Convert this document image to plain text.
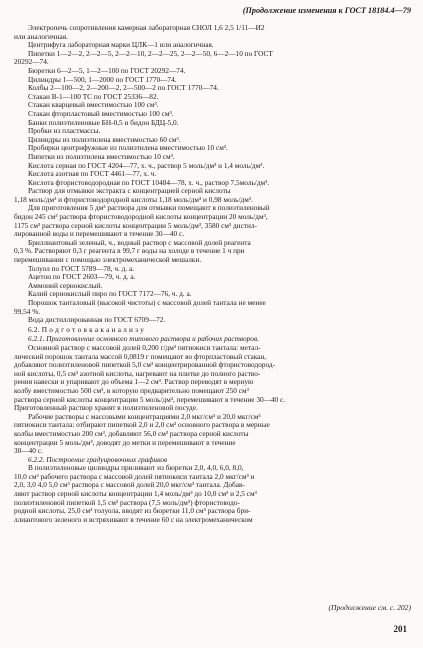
(Продолжение изменения к ГОСТ 18184.4—79
Электропечь сопротивления камерная лабораторная СНОЛ 1,6 2,5 1/11—И2
или аналогичная.
Центрифуга лабораторная марки ЦЛК—1 или аналогичная.
Пипетки 1—2—2, 2—2—5, 2—2—10, 2—2—25, 2—2—50, 6—2—10 по ГОСТ
20292—74.
Бюретки 6—2—5, 1—2—100 по ГОСТ 20292—74.
Цилиндры 1—500, 1—2000 по ГОСТ 1770—74.
Колбы 2—100—2, 2—200—2, 2—500—2 по ГОСТ 1770—74.
Стакан В-1—100 ТС по ГОСТ 25336—82.
Стакан кварцевый вместимостью 100 см³.
Стакан фторпластовый вместимостью 100 см³.
Банки полиэтиленовые БН-0,5 и бидон БДЦ-5,0.
Пробки из пластмассы.
Цилиндры из полиэтилена вместимостью 60 см³.
Пробирки центрифужные из полиэтилена вместимостью 10 см³.
Пипетки из полиэтилена вместимостью 10 см³.
Кислота серная по ГОСТ 4204—77, х. ч., раствор 5 моль/дм³ и 1,4 моль/дм³.
Кислота азотная по ГОСТ 4461—77, х. ч.
Кислота фтористоводородная по ГОСТ 10484—78, х. ч., раствор 7,5моль/дм³.
Раствор для отмывки экстракта с концентрацией серной кислоты
1,18 моль/дм³ и фтористоводородной кислоты 1,18 моль/дм³ и 0,98 моль/дм³.
Для приготовления 5 дм³ раствора для отмывки помещают в полиэтиленовый
бидон 245 см³ раствора фтористоводородной кислоты концентрации 20 моль/дм³,
1175 см³ раствора серной кислоты концентрации 5 моль/дм³, 3580 см³ дистил-
лированной воды и перемешивают в течение 30—40 с.
Бриллиантовый зеленый, ч., водный раствор с массовой долей реагента
0,3 %. Растворяют 0,3 г реагента в 99,7 г воды на холоде в течение 1 ч при
перемешивании с помощью электромеханической мешалки.
Толуол по ГОСТ 5789—78, ч. д. а.
Ацетон по ГОСТ 2603—79, ч. д. а.
Аммоний сернокислый.
Калий сернокислый пиро по ГОСТ 7172—76, ч. д. а.
Порошок танталовый (высокой чистоты) с массовой долей тантала не менее
99,54 %.
Вода дистиллированная по ГОСТ 6709—72.
6.2. П о д г о т о в к а к а н а л и з у
6.2.1. Приготовление основного типового раствора и рабочих растворов.
Основной раствор с массовой долей 0,200 г/дм³ пятиокиси тантала: метал-
лический порошок тантала массой 0,0819 г помещают во фторпластовый стакан,
добавляют полиэтиленовой пипеткой 5,0 см³ концентрированной фтористоводород-
ной кислоты, 0,5 см³ азотной кислоты, нагревают на плитке до полного раство-
рения навески и упаривают до объема 1—2 см³. Раствор переводят в мерную
колбу вместимостью 500 см³, в которую предварительно помещают 250 см³
раствора серной кислоты концентрации 5 моль/дм³, перемешивают в течение 30—40 с.
Приготовленный раствор хранят в полиэтиленовой посуде.
Рабочие растворы с массовыми концентрациями 2,0 мкг/см³ и 20,0 мкг/см³
пятиокиси тантала: отбирают пипеткой 2,0 и 2,0 см³ основного раствора в мерные
колбы вместимостью 200 см³, добавляют 56,0 см³ раствора серной кислоты
концентрации 5 моль/дм³, доводят до метки и перемешивают в течение
30—40 с.
6.2.2. Построение градуировочных графиков
В полиэтиленовые цилиндры приливают из бюретки 2,0, 4,0, 6,0, 8,0,
10,0 см³ рабочего раствора с массовой долей пятиокиси тантала 2,0 мкг/см³ и
2,0, 3,0 4,0 5,0 см³ раствора с массовой долей 20,0 мкг/см³ тантала. Добав-
ляют раствор серной кислоты концентрации 1,4 моль/дм³ до 10,0 см³ и 2,5 см³
полиэтиленовой пипеткой 1,5 см³ раствора (7,5 моль/дм³) фтористоводо-
родной кислоты, 25,0 см³ толуола, вводят из бюретки 11,0 см³ раствора бри-
ллиантового зеленого и встряхивают в течение 60 с на электромеханическом
(Продолжение см. с. 202)
201
